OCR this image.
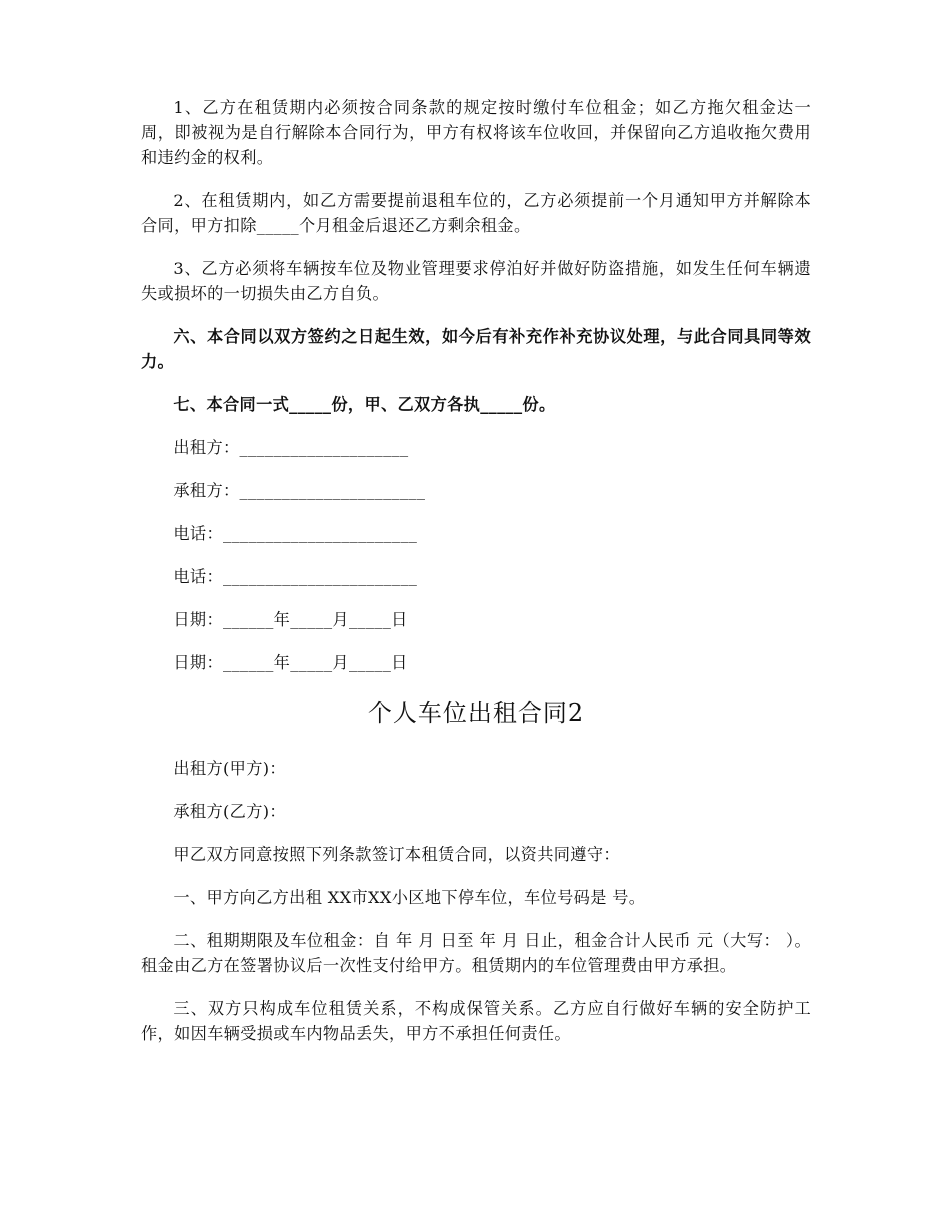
1、乙方在租赁期内必须按合同条款的规定按时缴付车位租金；如乙方拖欠租金达一周，即被视为是自行解除本合同行为，甲方有权将该车位收回，并保留向乙方追收拖欠费用和违约金的权利。

2、在租赁期内，如乙方需要提前退租车位的，乙方必须提前一个月通知甲方并解除本合同，甲方扣除_____个月租金后退还乙方剩余租金。

3、乙方必须将车辆按车位及物业管理要求停泊好并做好防盗措施，如发生任何车辆遗失或损坏的一切损失由乙方自负。

六、本合同以双方签约之日起生效，如今后有补充作补充协议处理，与此合同具同等效力。

七、本合同一式_____份，甲、乙双方各执_____份。

出租方：____________________

承租方：______________________

电话：_______________________

电话：_______________________

日期：______年_____月_____日

日期：______年_____月_____日

个人车位出租合同2

出租方(甲方)：

承租方(乙方)：

甲乙双方同意按照下列条款签订本租赁合同，以资共同遵守：

一、甲方向乙方出租 XX市XX小区地下停车位，车位号码是 号。

二、租期期限及车位租金：自 年 月 日至 年 月 日止，租金合计人民币 元（大写： ）。租金由乙方在签署协议后一次性支付给甲方。租赁期内的车位管理费由甲方承担。

三、双方只构成车位租赁关系，不构成保管关系。乙方应自行做好车辆的安全防护工作，如因车辆受损或车内物品丢失，甲方不承担任何责任。
